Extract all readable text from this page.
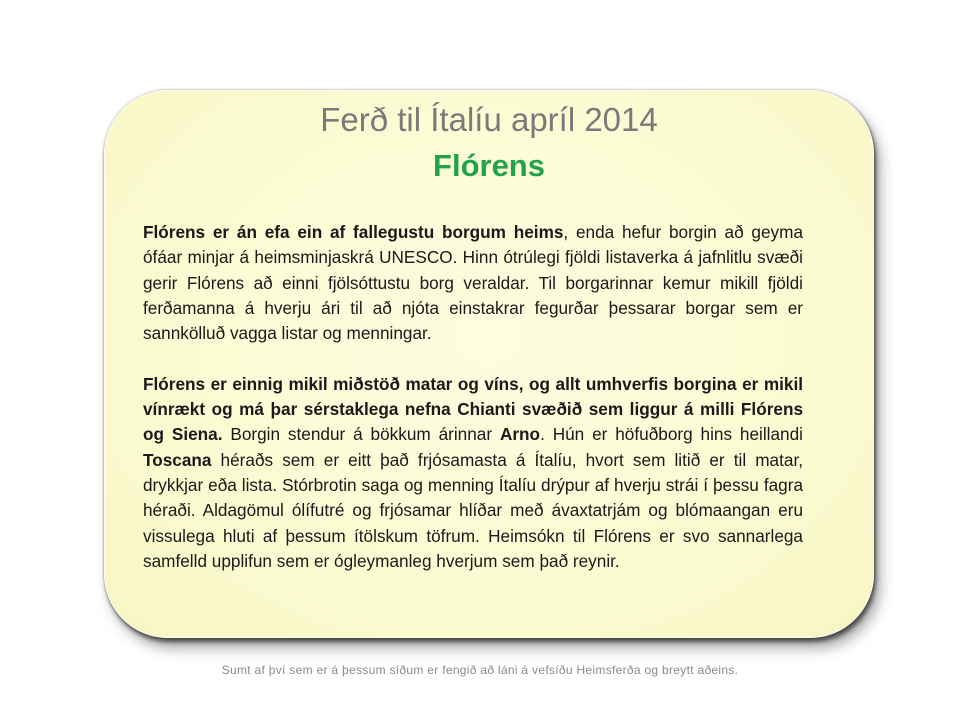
Ferð til Ítalíu apríl 2014
Flórens

Flórens er án efa ein af fallegustu borgum heims, enda hefur borgin að geyma ófáar minjar á heimsminjaskrá UNESCO. Hinn ótrúlegi fjöldi listaverka á jafnlitlu svæði gerir Flórens að einni fjölsóttustu borg veraldar. Til borgarinnar kemur mikill fjöldi ferðamanna á hverju ári til að njóta einstakrar fegurðar þessarar borgar sem er sannkölluð vagga listar og menningar.

Flórens er einnig mikil miðstöð matar og víns, og allt umhverfis borgina er mikil vínrækt og má þar sérstaklega nefna Chianti svæðið sem liggur á milli Flórens og Siena. Borgin stendur á bökkum árinnar Arno. Hún er höfuðborg hins heillandi Toscana héraðs sem er eitt það frjósamasta á Ítalíu, hvort sem litið er til matar, drykkjar eða lista. Stórbrotin saga og menning Ítalíu drýpur af hverju strái í þessu fagra héraði. Aldagömul ólífutré og frjósamar hlíðar með ávaxtatrjám og blómaangan eru vissulega hluti af þessum ítölskum töfrum. Heimsókn til Flórens er svo sannarlega samfelld upplifun sem er ógleymanleg hverjum sem það reynir.

Sumt af því sem er á þessum síðum er fengið að láni á vefsíðu Heimsferða og breytt aðeins.
